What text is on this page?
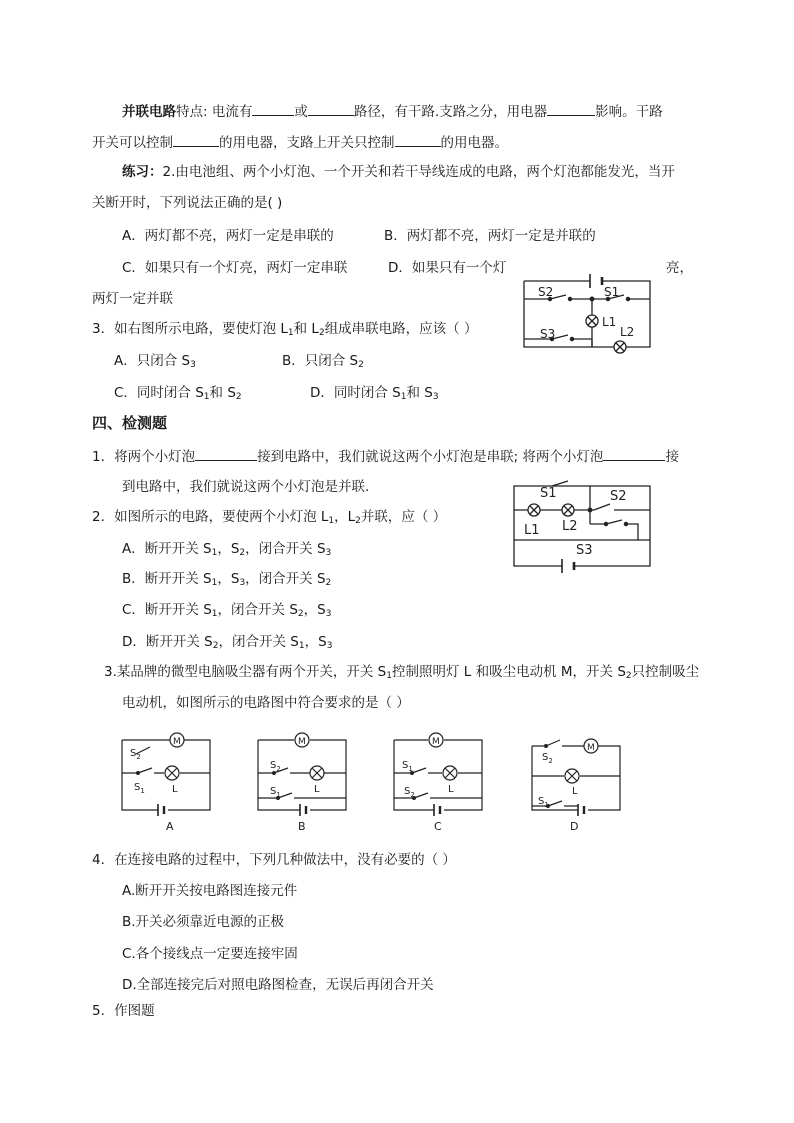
并联电路特点: 电流有	或	路径，有干路.支路之分，用电器	影响。干路
开关可以控制	的用电器，支路上开关只控制	的用电器。
练习：2.由电池组、两个小灯泡、一个开关和若干导线连成的电路，两个灯泡都能发光，当开
关断开时，下列说法正确的是( )
A．两灯都不亮，两灯一定是串联的	B．两灯都不亮，两灯一定是并联的
C．如果只有一个灯亮，两灯一定串联	D．如果只有一个灯	亮，
两灯一定并联
3．如右图所示电路，要使灯泡 $L_1$和 $L_2$组成串联电路，应该（ ）
A．只闭合 $S_3$	B．只闭合 $S_2$
C．同时闭合 $S_1$和 $S_2$	D．同时闭合 $S_1$和 $S_3$
S2	S1
L1
L2
S3
四、检测题
1．将两个小灯泡	接到电路中，我们就说这两个小灯泡是串联; 将两个小灯泡	接
到电路中，我们就说这两个小灯泡是并联.
2．如图所示的电路，要使两个小灯泡 $L_1$，$L_2$并联，应（ ）
A．断开开关 $S_1$，$S_2$，闭合开关 $S_3$
B．断开开关 $S_1$，$S_3$，闭合开关 $S_2$
C．断开开关 $S_1$，闭合开关 $S_2$，$S_3$
D．断开开关 $S_2$，闭合开关 $S_1$，$S_3$
S1	S2
L1 L2
S3
3.某品牌的微型电脑吸尘器有两个开关，开关 $S_1$控制照明灯 L 和吸尘电动机 M，开关 $S_2$只控制吸尘
电动机，如图所示的电路图中符合要求的是（ ）
M
$S_2$
$S_1$	L
A
M
$S_2$
$S_1$	L
B
M
$S_1$
$S_2$	L
C
M
$S_2$
$S_1$
L
D
4．在连接电路的过程中，下列几种做法中，没有必要的（ ）
A.断开开关按电路图连接元件
B.开关必须靠近电源的正极
C.各个接线点一定要连接牢固
D.全部连接完后对照电路图检查，无误后再闭合开关
5．作图题
